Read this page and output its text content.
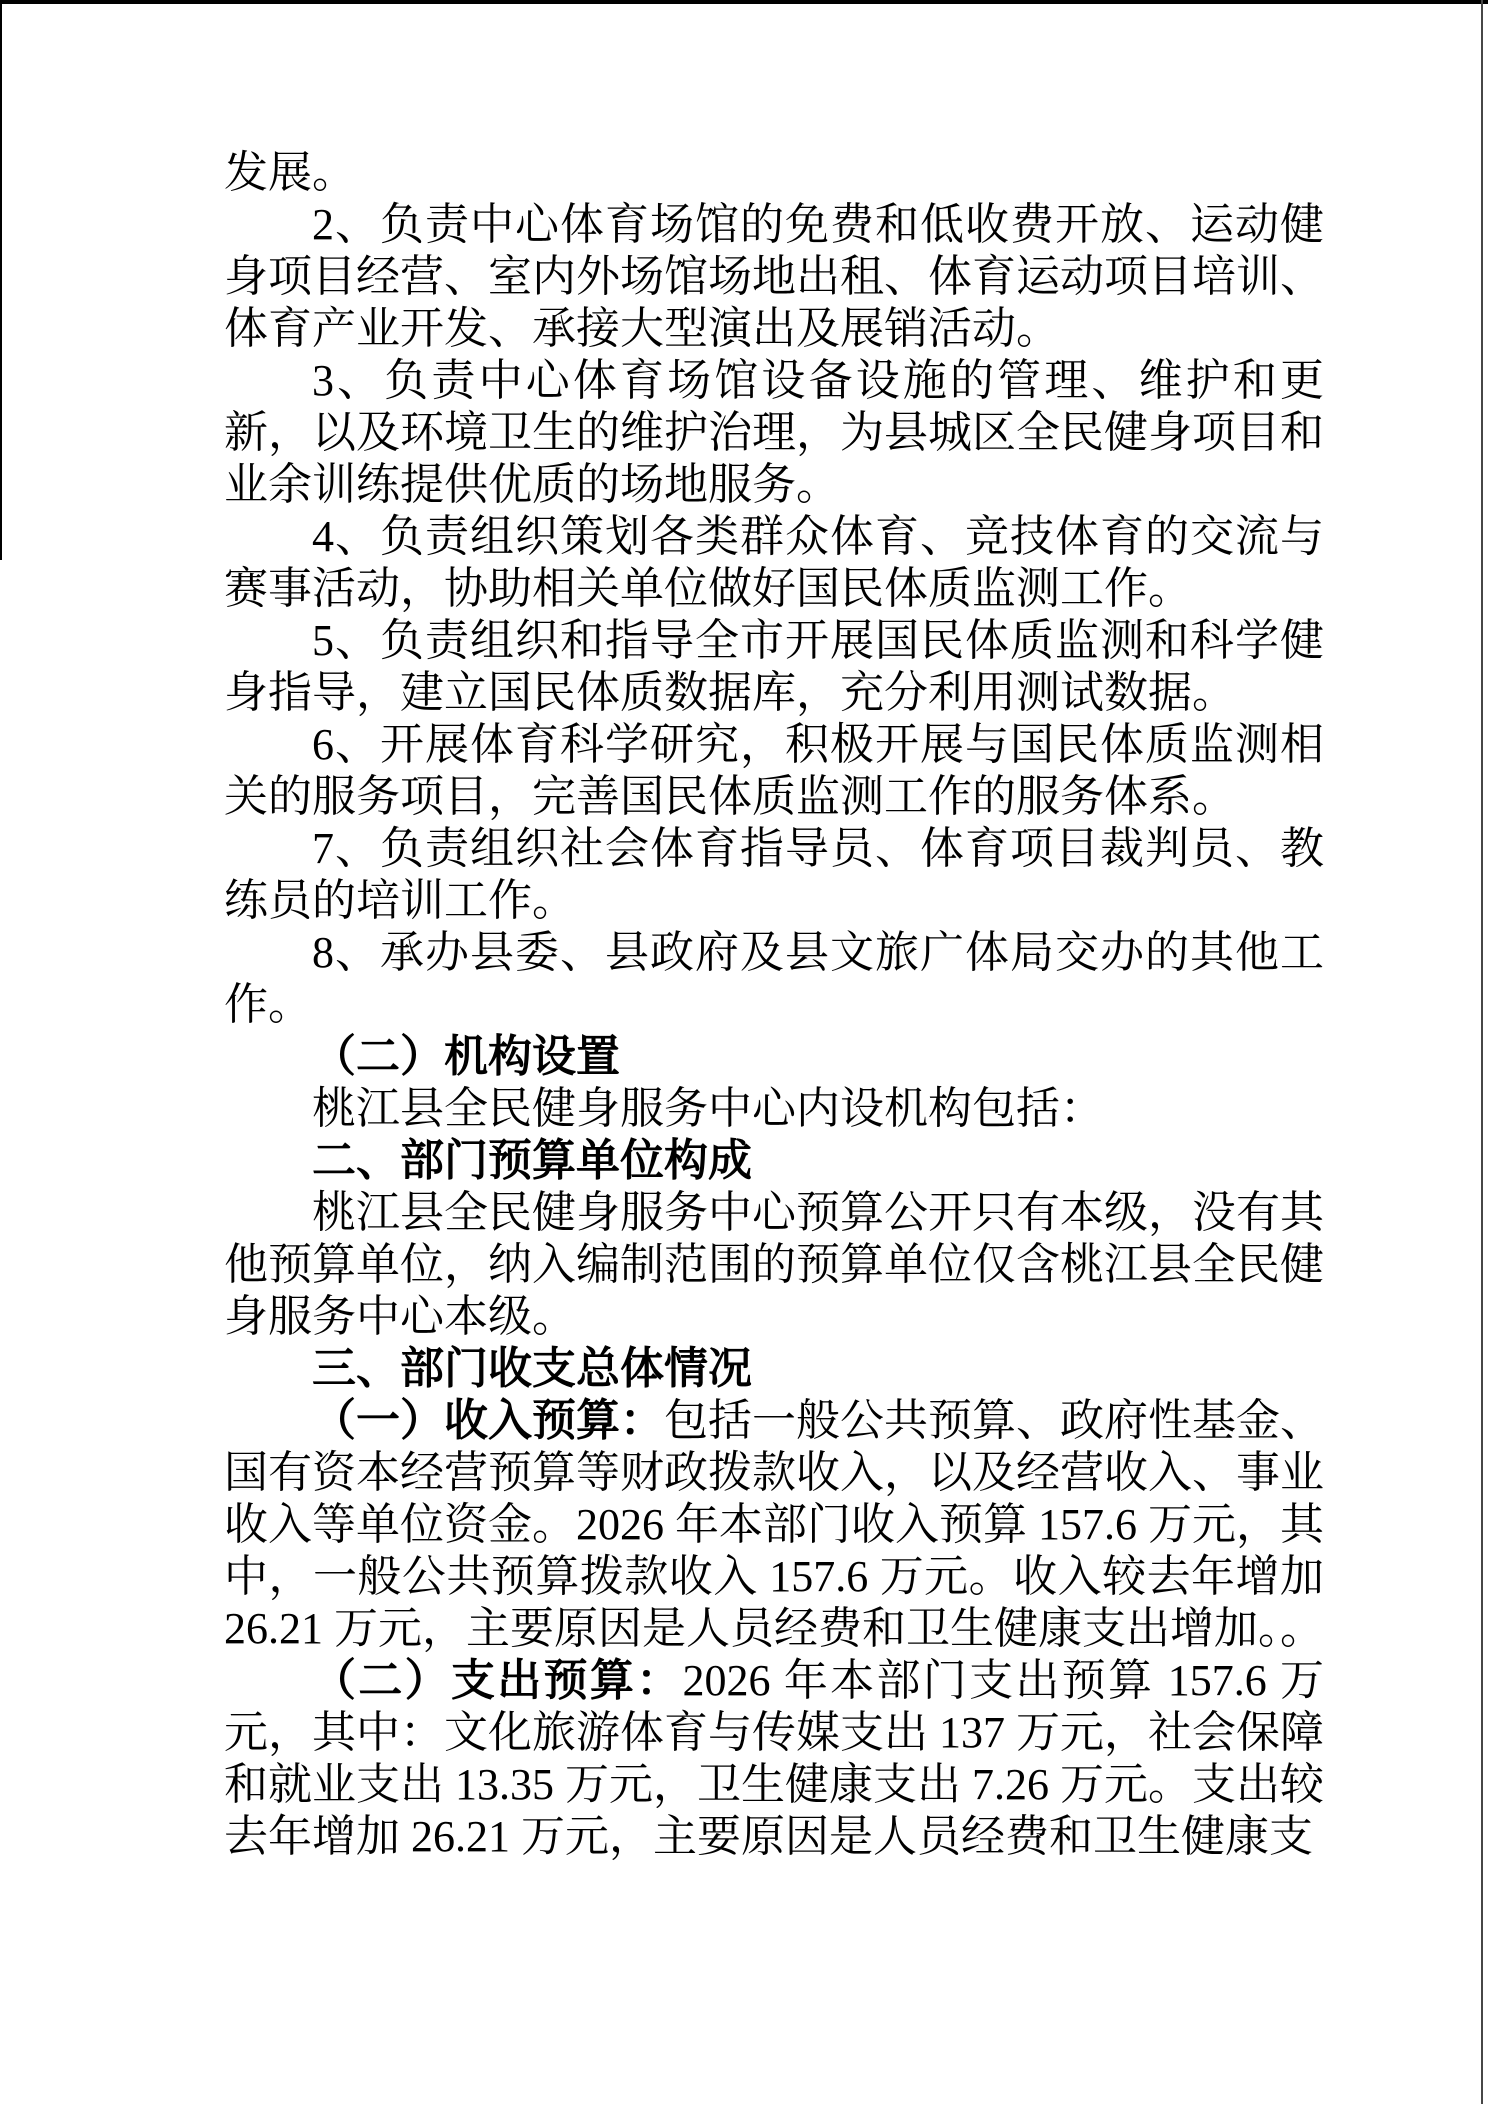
发展。

2、负责中心体育场馆的免费和低收费开放、运动健身项目经营、室内外场馆场地出租、体育运动项目培训、体育产业开发、承接大型演出及展销活动。

3、负责中心体育场馆设备设施的管理、维护和更新，以及环境卫生的维护治理，为县城区全民健身项目和业余训练提供优质的场地服务。

4、负责组织策划各类群众体育、竞技体育的交流与赛事活动，协助相关单位做好国民体质监测工作。

5、负责组织和指导全市开展国民体质监测和科学健身指导，建立国民体质数据库，充分利用测试数据。

6、开展体育科学研究，积极开展与国民体质监测相关的服务项目，完善国民体质监测工作的服务体系。

7、负责组织社会体育指导员、体育项目裁判员、教练员的培训工作。

8、承办县委、县政府及县文旅广体局交办的其他工作。

（二）机构设置

桃江县全民健身服务中心内设机构包括：

二、部门预算单位构成

桃江县全民健身服务中心预算公开只有本级，没有其他预算单位，纳入编制范围的预算单位仅含桃江县全民健身服务中心本级。

三、部门收支总体情况

（一）收入预算：包括一般公共预算、政府性基金、国有资本经营预算等财政拨款收入，以及经营收入、事业收入等单位资金。2026 年本部门收入预算 157.6 万元，其中，一般公共预算拨款收入 157.6 万元。收入较去年增加 26.21 万元，主要原因是人员经费和卫生健康支出增加。。

（二）支出预算：2026 年本部门支出预算 157.6 万元，其中：文化旅游体育与传媒支出 137 万元，社会保障和就业支出 13.35 万元，卫生健康支出 7.26 万元。支出较去年增加 26.21 万元，主要原因是人员经费和卫生健康支
